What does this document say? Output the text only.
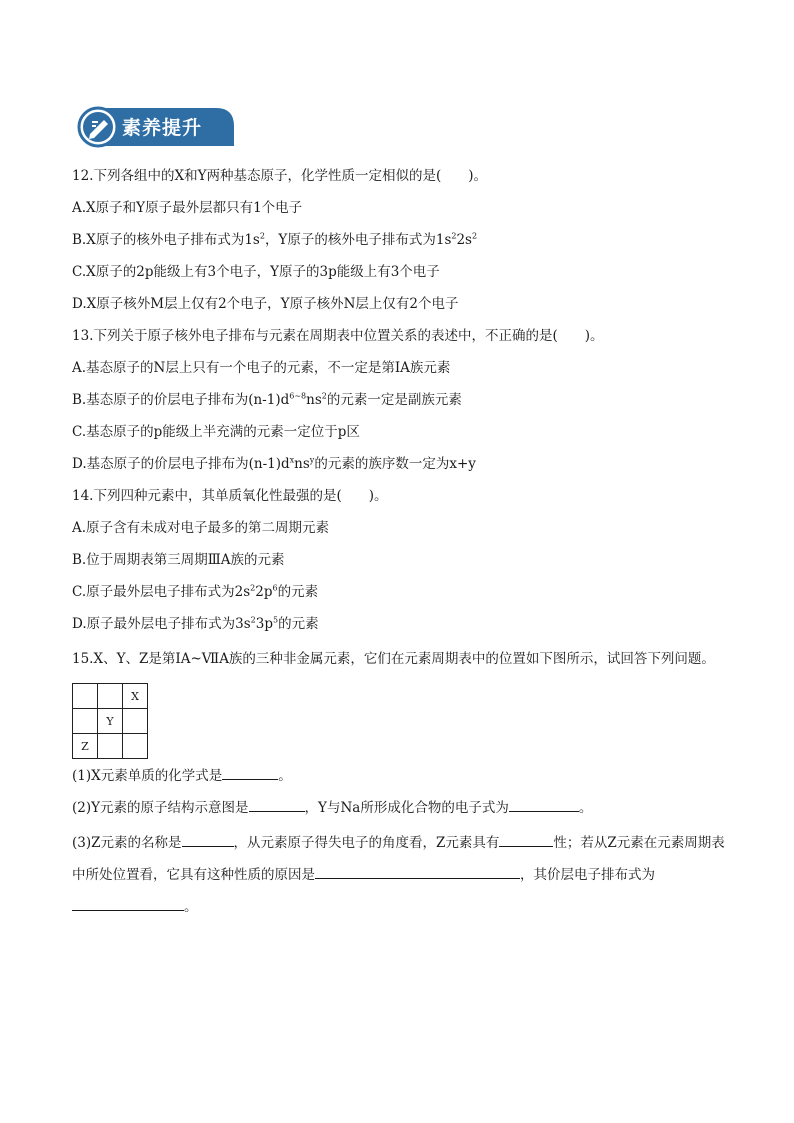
素养提升
12.下列各组中的X和Y两种基态原子，化学性质一定相似的是(　　)。
A.X原子和Y原子最外层都只有1个电子
B.X原子的核外电子排布式为$1s^2$，Y原子的核外电子排布式为$1s^22s^2$
C.X原子的2p能级上有3个电子，Y原子的3p能级上有3个电子
D.X原子核外M层上仅有2个电子，Y原子核外N层上仅有2个电子
13.下列关于原子核外电子排布与元素在周期表中位置关系的表述中，不正确的是(　　)。
A.基态原子的N层上只有一个电子的元素，不一定是第ⅠA族元素
B.基态原子的价层电子排布为$(n-1)d^{6\sim 8}ns^2$的元素一定是副族元素
C.基态原子的p能级上半充满的元素一定位于p区
D.基态原子的价层电子排布为$(n-1)d^xns^y$的元素的族序数一定为x+y
14.下列四种元素中，其单质氧化性最强的是(　　)。
A.原子含有未成对电子最多的第二周期元素
B.位于周期表第三周期ⅢA族的元素
C.原子最外层电子排布式为$2s^22p^6$的元素
D.原子最外层电子排布式为$3s^23p^5$的元素
15.X、Y、Z是第ⅠA~ⅦA族的三种非金属元素，它们在元素周期表中的位置如下图所示，试回答下列问题。
		X
	Y	
Z		
(1)X元素单质的化学式是	。
(2)Y元素的原子结构示意图是	，Y与Na所形成化合物的电子式为	。
(3)Z元素的名称是	，从元素原子得失电子的角度看，Z元素具有	性；若从Z元素在元素周期表中所处位置看，它具有这种性质的原因是	，其价层电子排布式为。
